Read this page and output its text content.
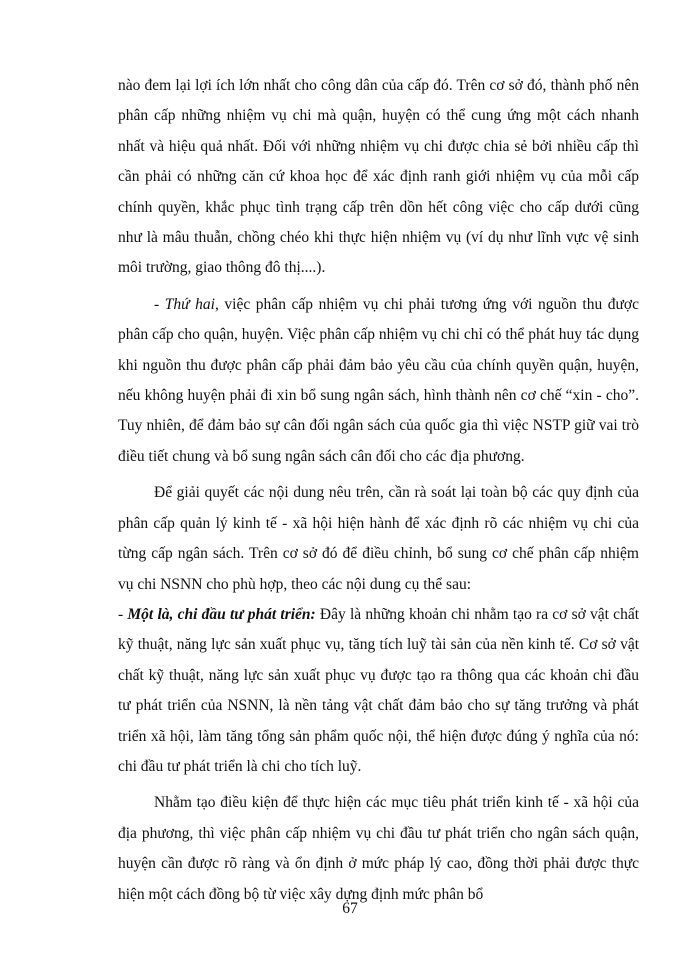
nào đem lại lợi ích lớn nhất cho công dân của cấp đó. Trên cơ sở đó, thành phố nên phân cấp những nhiệm vụ chi mà quận, huyện có thể cung ứng một cách nhanh nhất và hiệu quả nhất. Đối với những nhiệm vụ chi được chia sẻ bởi nhiều cấp thì cần phải có những căn cứ khoa học để xác định ranh giới nhiệm vụ của mỗi cấp chính quyền, khắc phục tình trạng cấp trên dồn hết công việc cho cấp dưới cũng như là mâu thuẫn, chồng chéo khi thực hiện nhiệm vụ (ví dụ như lĩnh vực vệ sinh môi trường, giao thông đô thị....).

- Thứ hai, việc phân cấp nhiệm vụ chi phải tương ứng với nguồn thu được phân cấp cho quận, huyện. Việc phân cấp nhiệm vụ chi chỉ có thể phát huy tác dụng khi nguồn thu được phân cấp phải đảm bảo yêu cầu của chính quyền quận, huyện, nếu không huyện phải đi xin bổ sung ngân sách, hình thành nên cơ chế “xin - cho”. Tuy nhiên, để đảm bảo sự cân đối ngân sách của quốc gia thì việc NSTP giữ vai trò điều tiết chung và bổ sung ngân sách cân đối cho các địa phương.

Để giải quyết các nội dung nêu trên, cần rà soát lại toàn bộ các quy định của phân cấp quản lý kinh tế - xã hội hiện hành để xác định rõ các nhiệm vụ chi của từng cấp ngân sách. Trên cơ sở đó để điều chỉnh, bổ sung cơ chế phân cấp nhiệm vụ chi NSNN cho phù hợp, theo các nội dung cụ thể sau:

- Một là, chi đầu tư phát triển: Đây là những khoản chi nhằm tạo ra cơ sở vật chất kỹ thuật, năng lực sản xuất phục vụ, tăng tích luỹ tài sản của nền kinh tế. Cơ sở vật chất kỹ thuật, năng lực sản xuất phục vụ được tạo ra thông qua các khoản chi đầu tư phát triển của NSNN, là nền tảng vật chất đảm bảo cho sự tăng trưởng và phát triển xã hội, làm tăng tổng sản phẩm quốc nội, thể hiện được đúng ý nghĩa của nó: chi đầu tư phát triển là chi cho tích luỹ.

Nhằm tạo điều kiện để thực hiện các mục tiêu phát triển kinh tế - xã hội của địa phương, thì việc phân cấp nhiệm vụ chi đầu tư phát triển cho ngân sách quận, huyện cần được rõ ràng và ổn định ở mức pháp lý cao, đồng thời phải được thực hiện một cách đồng bộ từ việc xây dựng định mức phân bổ

67
